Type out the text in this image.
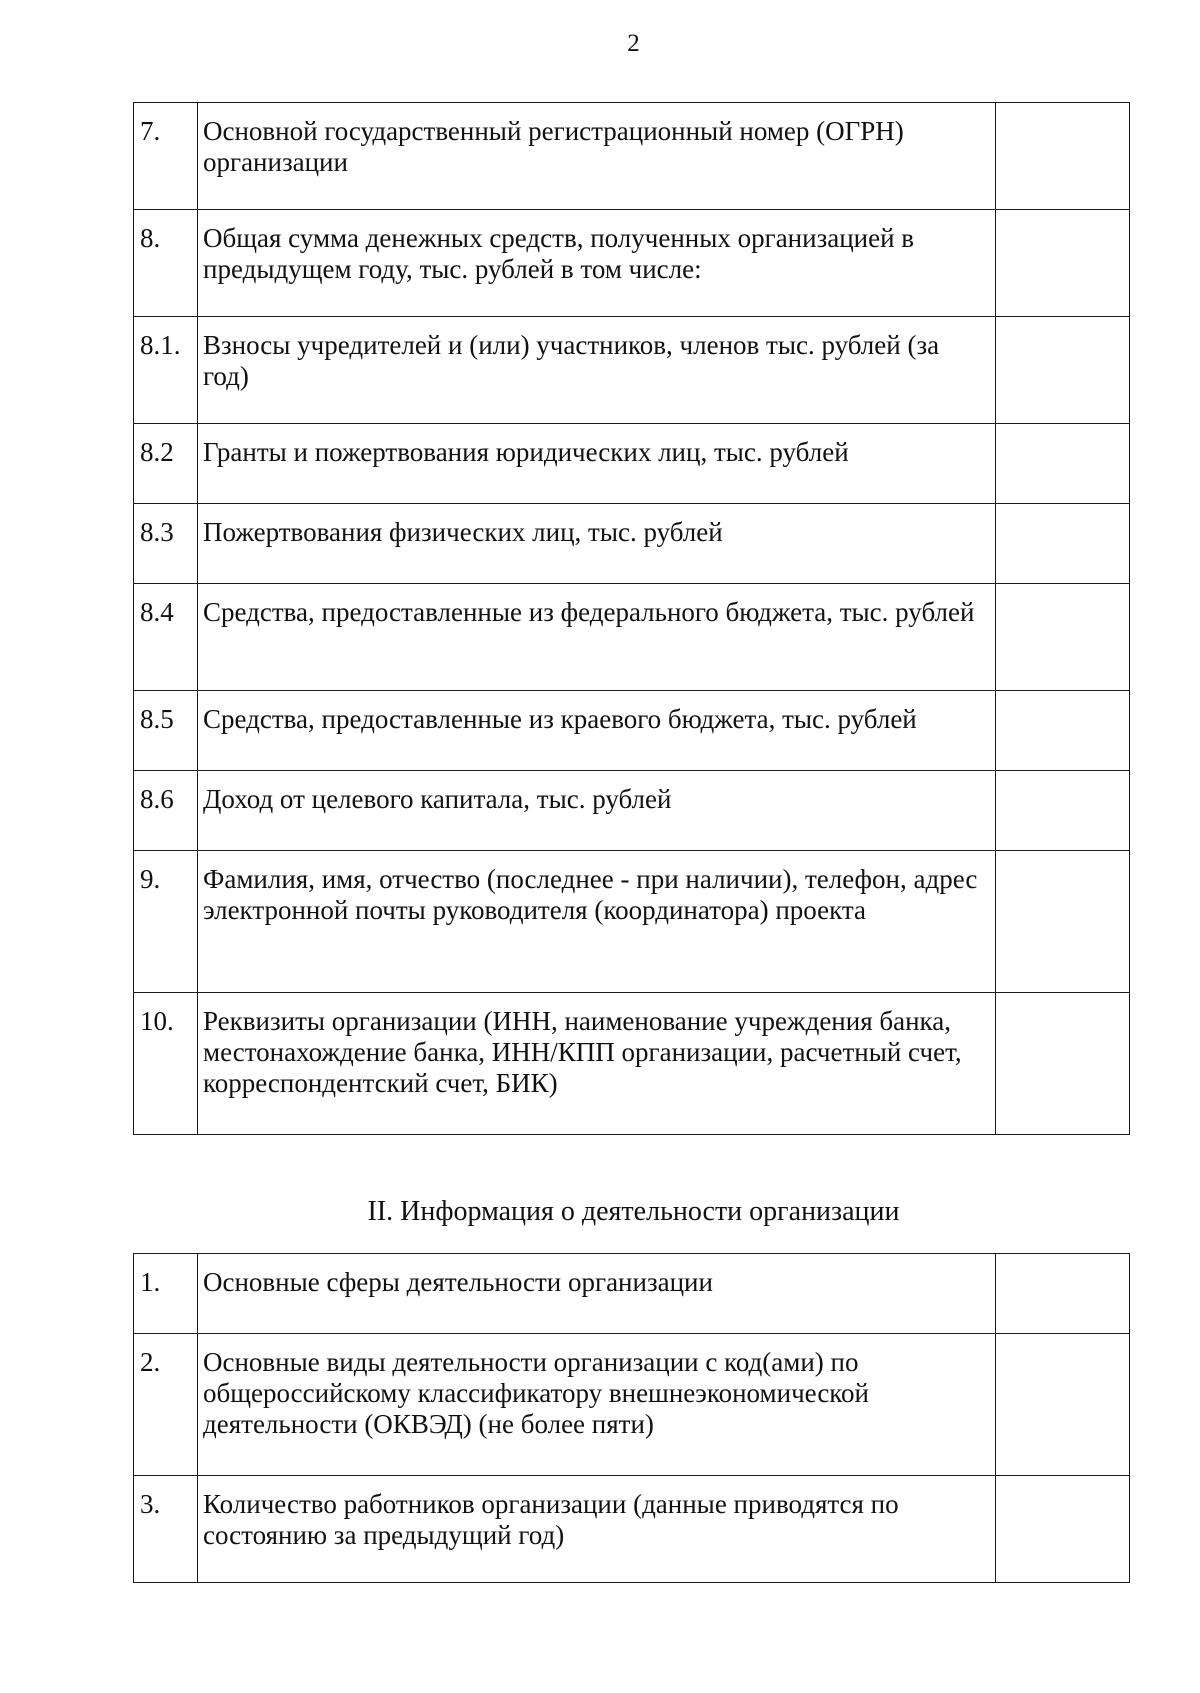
2
7.	Основной государственный регистрационный номер (ОГРН) организации	
8.	Общая сумма денежных средств, полученных организацией в предыдущем году, тыс. рублей в том числе:	
8.1.	Взносы учредителей и (или) участников, членов тыс. рублей (за год)	
8.2	Гранты и пожертвования юридических лиц, тыс. рублей	
8.3	Пожертвования физических лиц, тыс. рублей	
8.4	Средства, предоставленные из федерального бюджета, тыс. рублей	
8.5	Средства, предоставленные из краевого бюджета, тыс. рублей	
8.6	Доход от целевого капитала, тыс. рублей	
9.	Фамилия, имя, отчество (последнее - при наличии), телефон, адрес электронной почты руководителя (координатора) проекта	
10.	Реквизиты организации (ИНН, наименование учреждения банка, местонахождение банка, ИНН/КПП организации, расчетный счет, корреспондентский счет, БИК)	
II. Информация о деятельности организации
1.	Основные сферы деятельности организации	
2.	Основные виды деятельности организации с код(ами) по общероссийскому классификатору внешнеэкономической деятельности (ОКВЭД) (не более пяти)	
3.	Количество работников организации (данные приводятся по состоянию за предыдущий год)	
